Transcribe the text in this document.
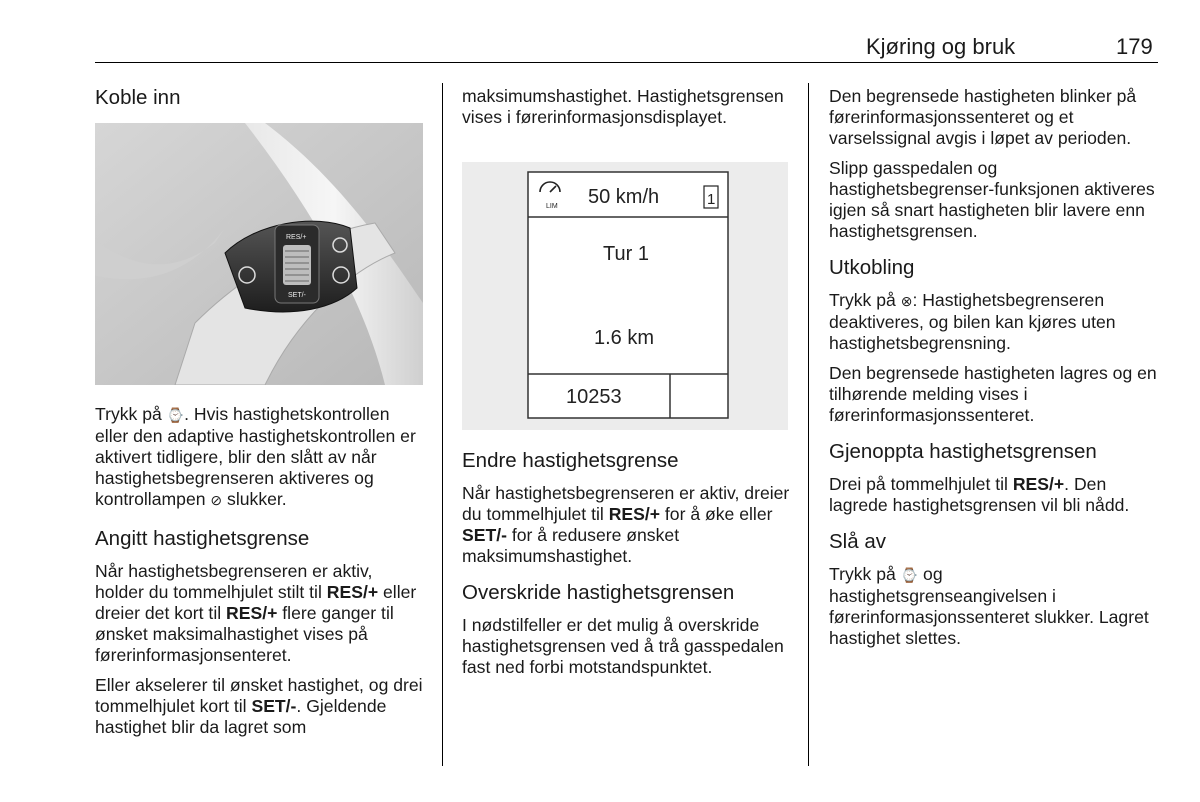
Kjøring og bruk	179
Koble inn
RES/+
SET/-

Trykk på ⌚. Hvis hastighetskontrollen eller den adaptive hastighetskontrollen er aktivert tidligere, blir den slått av når hastighetsbegrenseren aktiveres og kontrollampen ⊘ slukker.

Angitt hastighetsgrense

Når hastighetsbegrenseren er aktiv, holder du tommelhjulet stilt til RES/+ eller dreier det kort til RES/+ flere ganger til ønsket maksimalhastighet vises på førerinformasjonsenteret.

Eller akselerer til ønsket hastighet, og drei tommelhjulet kort til SET/-. Gjeldende hastighet blir da lagret som

maksimumshastighet. Hastighetsgrensen vises i førerinformasjonsdisplayet.

LIM 50 km/h	1
Tur 1
1.6 km
10253
Endre hastighetsgrense

Når hastighetsbegrenseren er aktiv, dreier du tommelhjulet til RES/+ for å øke eller SET/- for å redusere ønsket maksimumshastighet.

Overskride hastighetsgrensen

I nødstilfeller er det mulig å overskride hastighetsgrensen ved å trå gasspedalen fast ned forbi motstandspunktet.

Den begrensede hastigheten blinker på førerinformasjonssenteret og et varselssignal avgis i løpet av perioden.

Slipp gasspedalen og hastighetsbegrenser-funksjonen aktiveres igjen så snart hastigheten blir lavere enn hastighetsgrensen.

Utkobling

Trykk på ⊗: Hastighetsbegrenseren deaktiveres, og bilen kan kjøres uten hastighetsbegrensning.

Den begrensede hastigheten lagres og en tilhørende melding vises i førerinformasjonssenteret.

Gjenoppta hastighetsgrensen

Drei på tommelhjulet til RES/+. Den lagrede hastighetsgrensen vil bli nådd.

Slå av

Trykk på ⌚ og hastighetsgrenseangivelsen i førerinformasjonssenteret slukker. Lagret hastighet slettes.
